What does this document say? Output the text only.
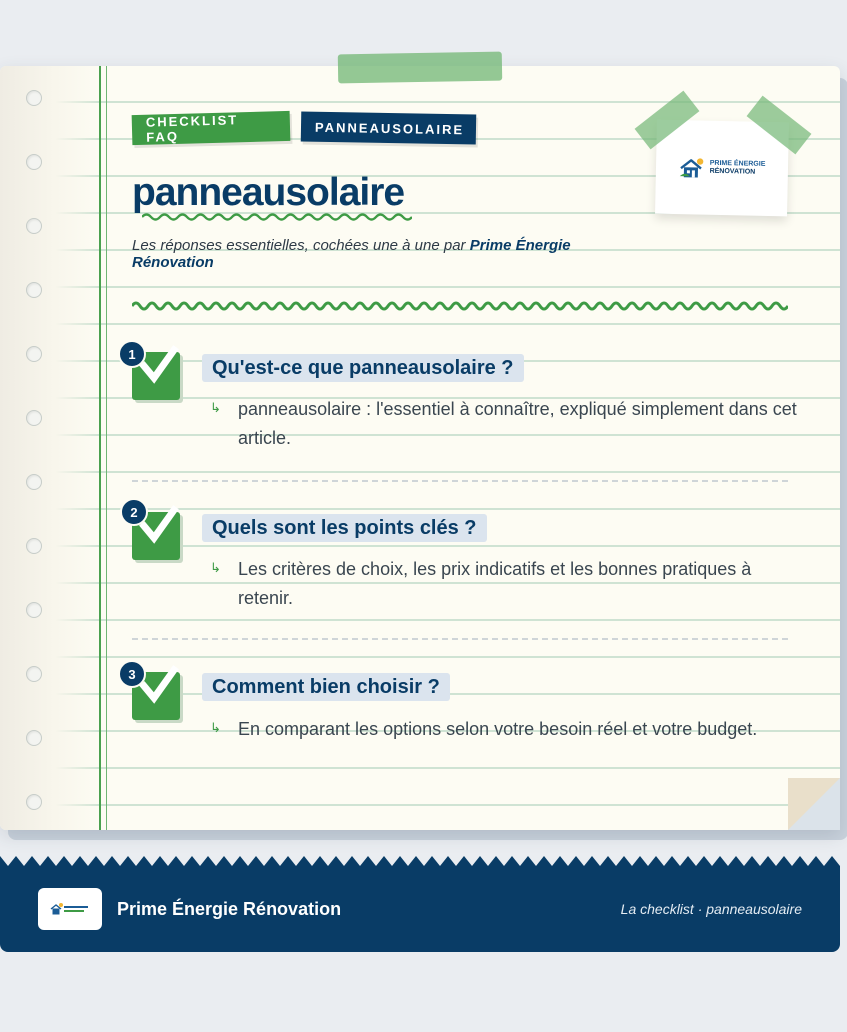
CHECKLIST FAQ	PANNEAUSOLAIRE
PRIME ÉNERGIE
RÉNOVATION
panneausolaire

Les réponses essentielles, cochées une à une par Prime Énergie Rénovation

1
Qu'est-ce que panneausolaire ?
↳ panneausolaire : l'essentiel à connaître, expliqué simplement dans cet article.
2
Quels sont les points clés ?
↳ Les critères de choix, les prix indicatifs et les bonnes pratiques à retenir.
3
Comment bien choisir ?
↳ En comparant les options selon votre besoin réel et votre budget.
Prime Énergie Rénovation	La checklist · panneausolaire
